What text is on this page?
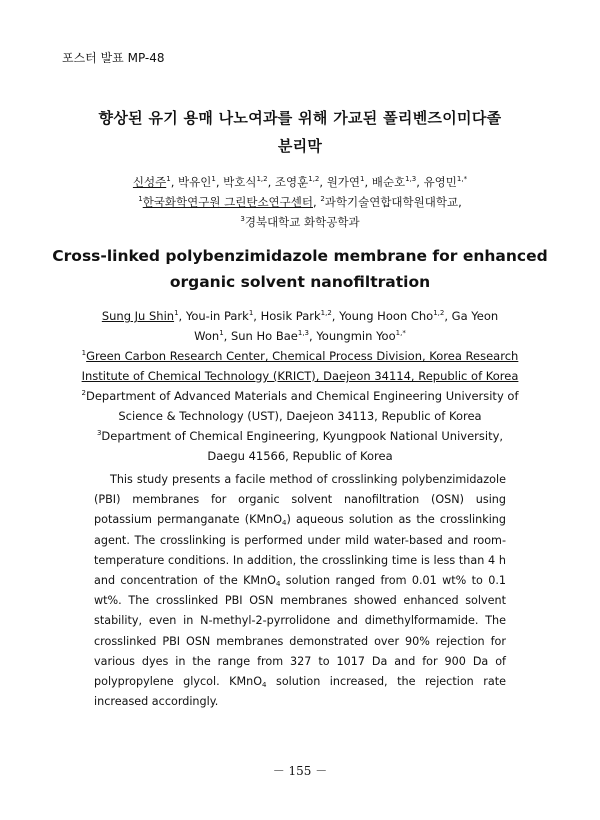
포스터 발표 MP-48
향상된 유기 용매 나노여과를 위해 가교된 폴리벤즈이미다졸
분리막
신성주$^1$, 박유인$^1$, 박호식$^{1,2}$, 조영훈$^{1,2}$, 원가연$^1$, 배순호$^{1,3}$, 유영민$^{1,*}$
$^1$한국화학연구원 그린탄소연구센터, $^2$과학기술연합대학원대학교,
$^3$경북대학교 화학공학과
Cross-linked polybenzimidazole membrane for enhanced
organic solvent nanofiltration
Sung Ju Shin$^1$, You-in Park$^1$, Hosik Park$^{1,2}$, Young Hoon Cho$^{1,2}$, Ga Yeon
Won$^1$, Sun Ho Bae$^{1,3}$, Youngmin Yoo$^{1,*}$
$^1$Green Carbon Research Center, Chemical Process Division, Korea Research
Institute of Chemical Technology (KRICT), Daejeon 34114, Republic of Korea
$^2$Department of Advanced Materials and Chemical Engineering University of
Science & Technology (UST), Daejeon 34113, Republic of Korea
$^3$Department of Chemical Engineering, Kyungpook National University,
Daegu 41566, Republic of Korea

This study presents a facile method of crosslinking polybenzimidazole (PBI) membranes for organic solvent nanofiltration (OSN) using potassium permanganate (KMnO$_4$) aqueous solution as the crosslinking agent. The crosslinking is performed under mild water-based and room-temperature conditions. In addition, the crosslinking time is less than 4 h and concentration of the KMnO$_4$ solution ranged from 0.01 wt% to 0.1 wt%. The crosslinked PBI OSN membranes showed enhanced solvent stability, even in N-methyl-2-pyrrolidone and dimethylformamide. The crosslinked PBI OSN membranes demonstrated over 90% rejection for various dyes in the range from 327 to 1017 Da and for 900 Da of polypropylene glycol. KMnO$_4$ solution increased, the rejection rate increased accordingly.

－ 155 －
